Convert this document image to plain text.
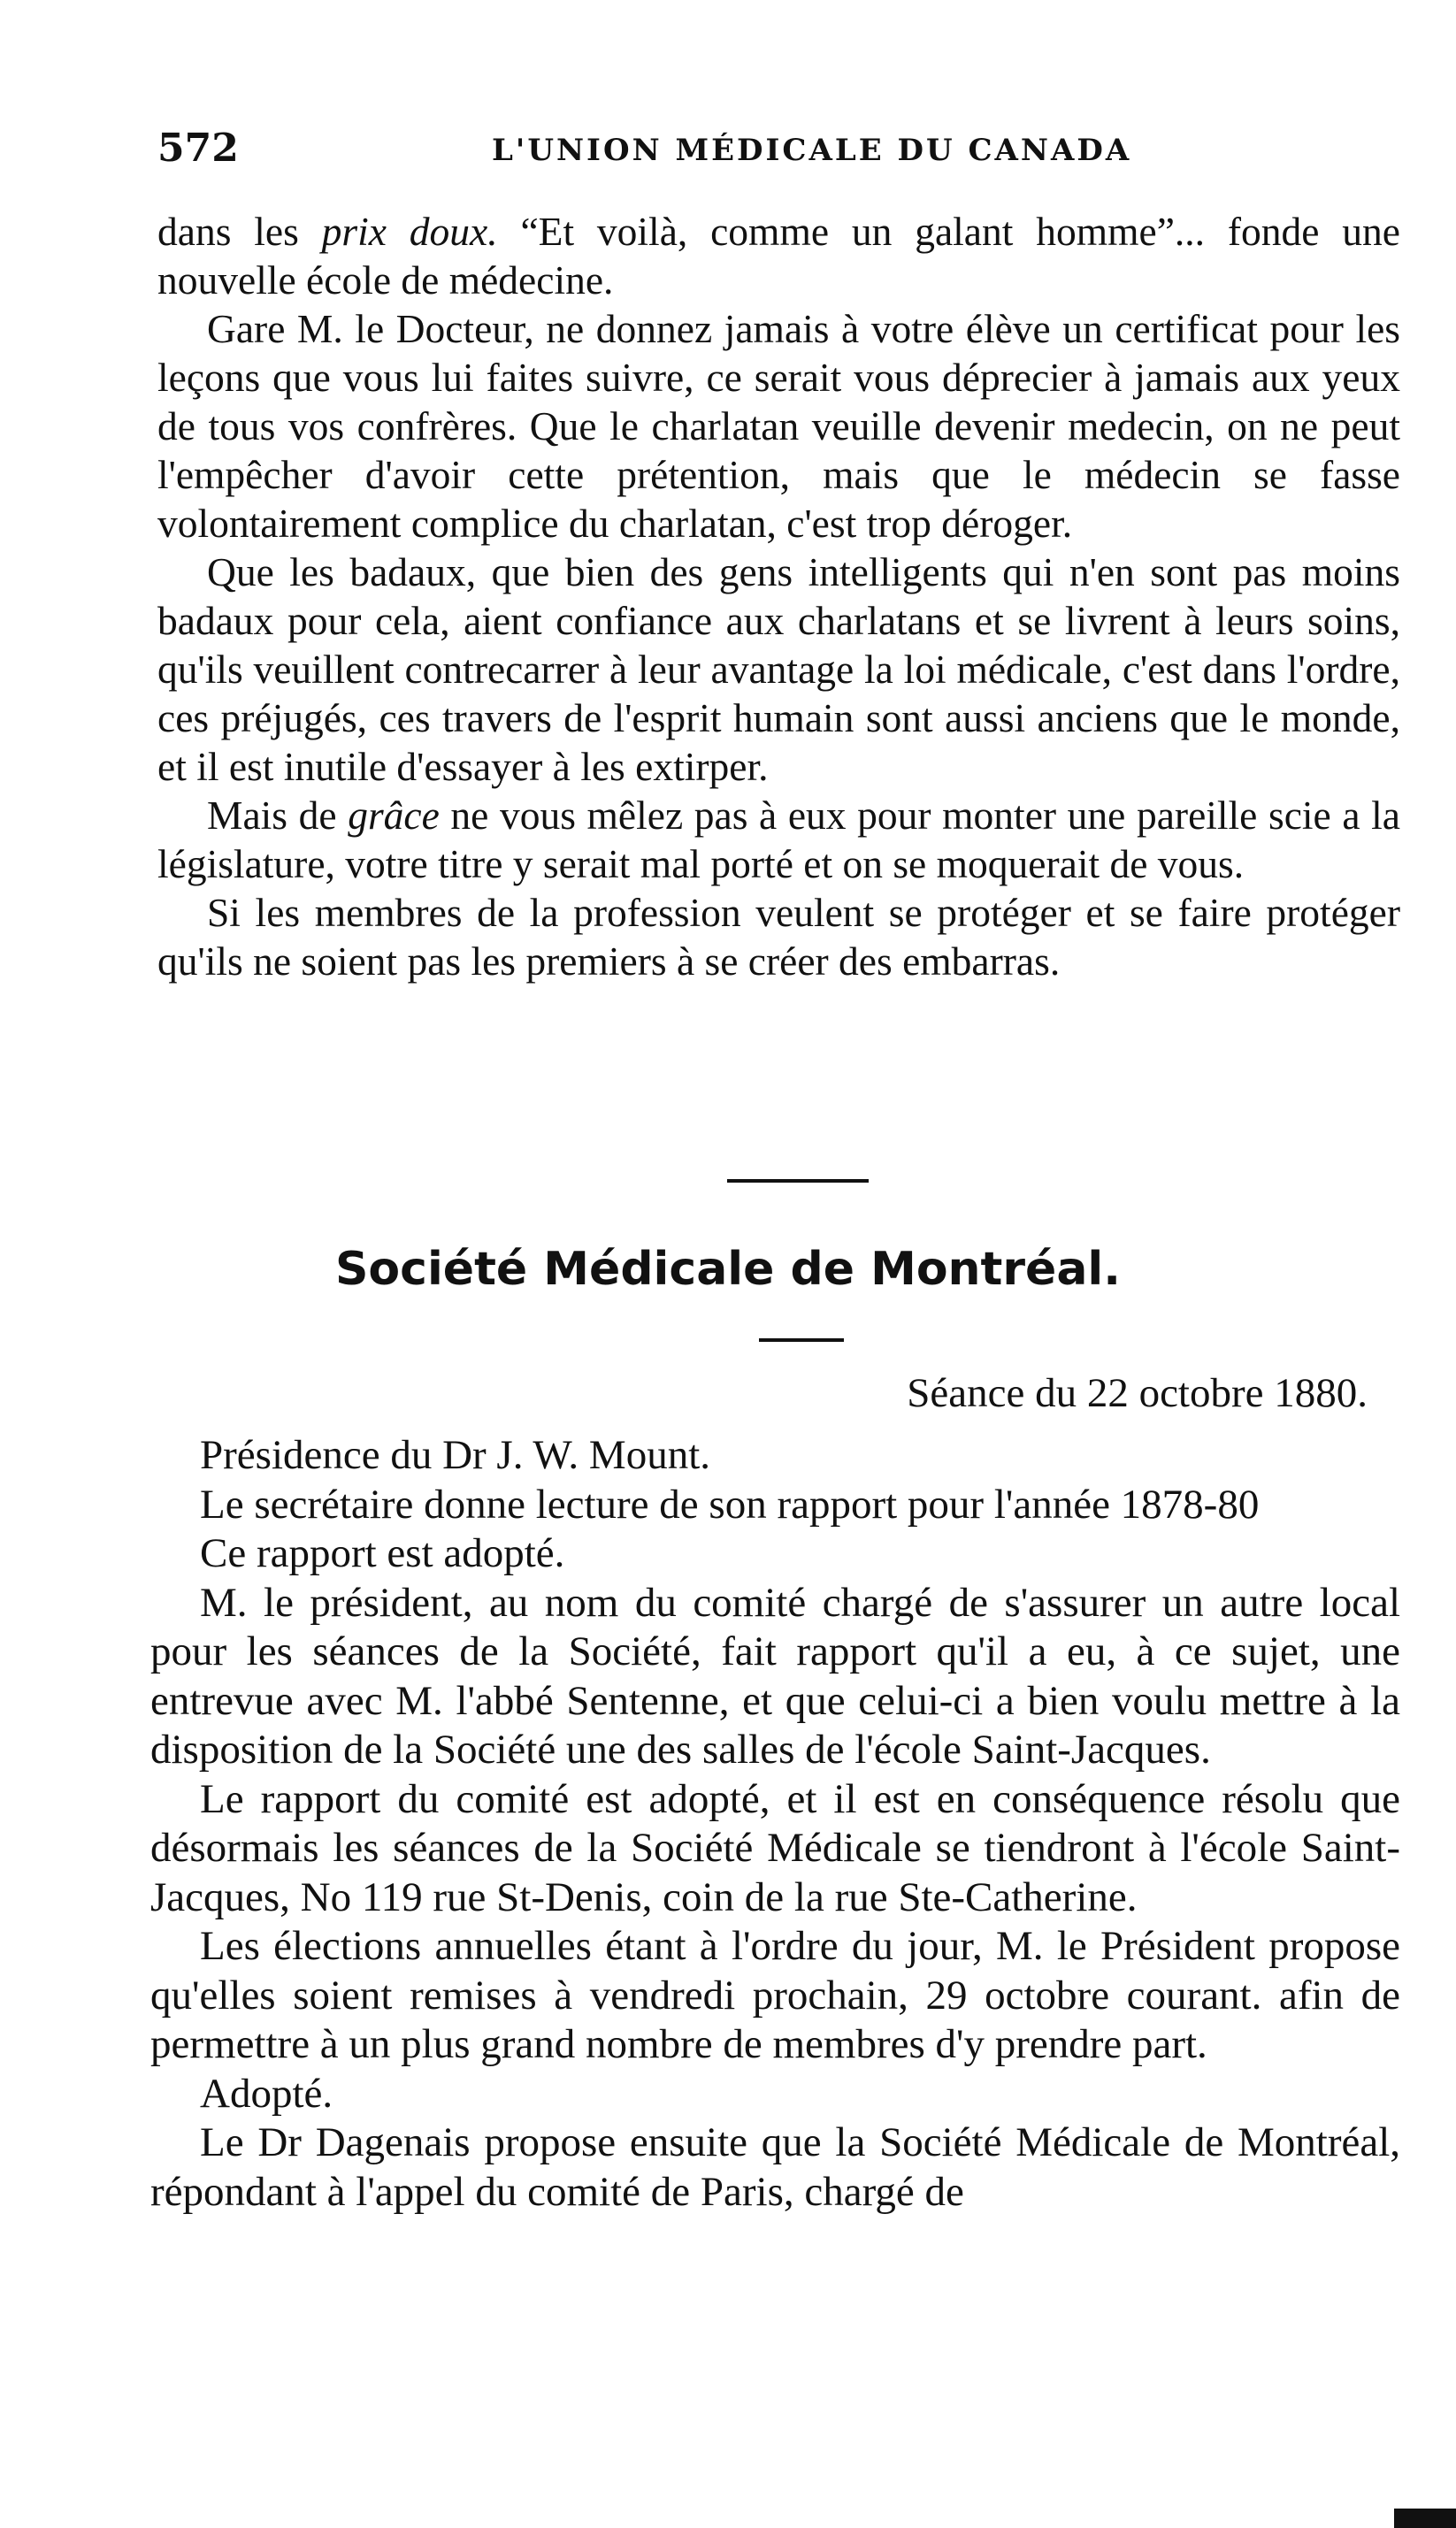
572	L'UNION MÉDICALE DU CANADA

dans les prix doux. “Et voilà, comme un galant homme”... fonde une nouvelle école de médecine.

Gare M. le Docteur, ne donnez jamais à votre élève un certificat pour les leçons que vous lui faites suivre, ce serait vous déprecier à jamais aux yeux de tous vos confrères. Que le charlatan veuille devenir medecin, on ne peut l'empêcher d'avoir cette prétention, mais que le médecin se fasse volontairement complice du charlatan, c'est trop déroger.

Que les badaux, que bien des gens intelligents qui n'en sont pas moins badaux pour cela, aient confiance aux charlatans et se livrent à leurs soins, qu'ils veuillent contrecarrer à leur avantage la loi médicale, c'est dans l'ordre, ces préjugés, ces travers de l'esprit humain sont aussi anciens que le monde, et il est inutile d'essayer à les extirper.

Mais de grâce ne vous mêlez pas à eux pour monter une pareille scie a la législature, votre titre y serait mal porté et on se moquerait de vous.

Si les membres de la profession veulent se protéger et se faire protéger qu'ils ne soient pas les premiers à se créer des embarras.

Société Médicale de Montréal.
Séance du 22 octobre 1880.

Présidence du Dr J. W. Mount.

Le secrétaire donne lecture de son rapport pour l'année 1878-80

Ce rapport est adopté.

M. le président, au nom du comité chargé de s'assurer un autre local pour les séances de la Société, fait rapport qu'il a eu, à ce sujet, une entrevue avec M. l'abbé Sentenne, et que celui-ci a bien voulu mettre à la disposition de la Société une des salles de l'école Saint-Jacques.

Le rapport du comité est adopté, et il est en conséquence résolu que désormais les séances de la Société Médicale se tiendront à l'école Saint-Jacques, No 119 rue St-Denis, coin de la rue Ste-Catherine.

Les élections annuelles étant à l'ordre du jour, M. le Président propose qu'elles soient remises à vendredi prochain, 29 octobre courant. afin de permettre à un plus grand nombre de membres d'y prendre part.

Adopté.

Le Dr Dagenais propose ensuite que la Société Médicale de Montréal, répondant à l'appel du comité de Paris, chargé de
